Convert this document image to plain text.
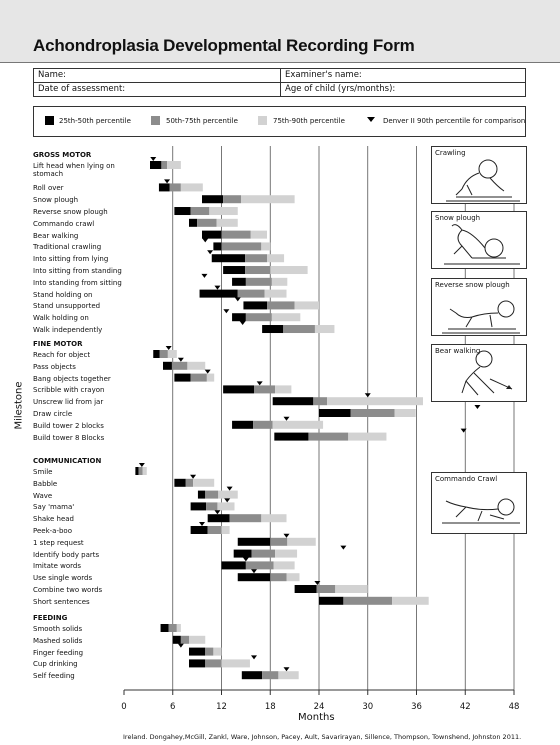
Achondroplasia Developmental Recording Form
Name:	Examiner's name:
Date of assessment:	Age of child (yrs/months):
25th-50th percentile	50th-75th percentile	75th-90th percentile	Denver II 90th percentile for comparison
GROSS MOTOR
Lift head when lying on stomach
Roll over
Snow plough
Reverse snow plough
Commando crawl
Bear walking
Traditional crawling
Into sitting from lying
Into sitting from standing
Into standing from sitting
Stand holding on
Stand unsupported
Walk holding on
Walk independently
FINE MOTOR
Reach for object
Pass objects
Bang objects together
Scribble with crayon
Unscrew lid from jar
Draw circle
Build tower 2 blocks
Build tower 8 Blocks
COMMUNICATION
Smile
Babble
Wave
Say 'mama'
Shake head
Peek-a-boo
1 step request
Identify body parts
Imitate words
Use single words
Combine two words
Short sentences
FEEDING
Smooth solids
Mashed solids
Finger feeding
Cup drinking
Self feeding
0	6	12	18	24	30	36	42	48
Months
Milestone
Crawling
Snow plough
Reverse snow plough
Bear walking
Commando Crawl
Ireland. Dongahey,McGill, Zankl, Ware, Johnson, Pacey, Ault, Savarirayan, Sillence, Thompson, Townshend, Johnston 2011.
